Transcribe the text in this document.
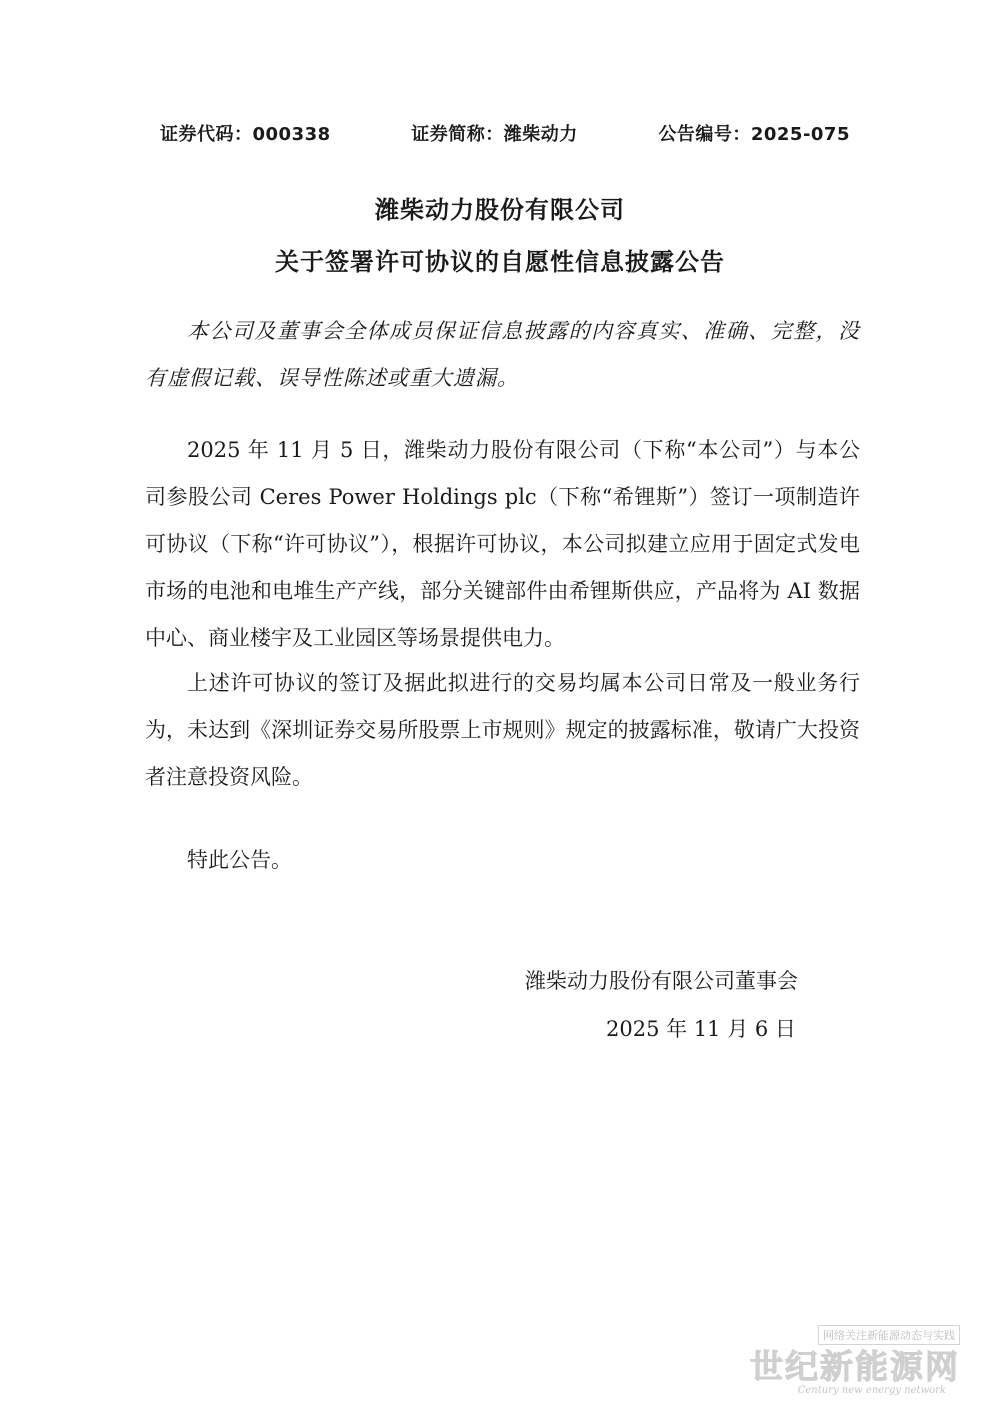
证券代码：000338	证券简称：潍柴动力	公告编号：2025-075
潍柴动力股份有限公司
关于签署许可协议的自愿性信息披露公告

本公司及董事会全体成员保证信息披露的内容真实、准确、完整，没有虚假记载、误导性陈述或重大遗漏。

2025 年 11 月 5 日，潍柴动力股份有限公司（下称“本公司”）与本公司参股公司 Ceres Power Holdings plc（下称“希锂斯”）签订一项制造许可协议（下称“许可协议”），根据许可协议，本公司拟建立应用于固定式发电市场的电池和电堆生产产线，部分关键部件由希锂斯供应，产品将为 AI 数据中心、商业楼宇及工业园区等场景提供电力。

上述许可协议的签订及据此拟进行的交易均属本公司日常及一般业务行为，未达到《深圳证券交易所股票上市规则》规定的披露标准，敬请广大投资者注意投资风险。

特此公告。

潍柴动力股份有限公司董事会
2025 年 11 月 6 日
网络关注新能源动态与实践
世纪新能源网
Century new energy network
